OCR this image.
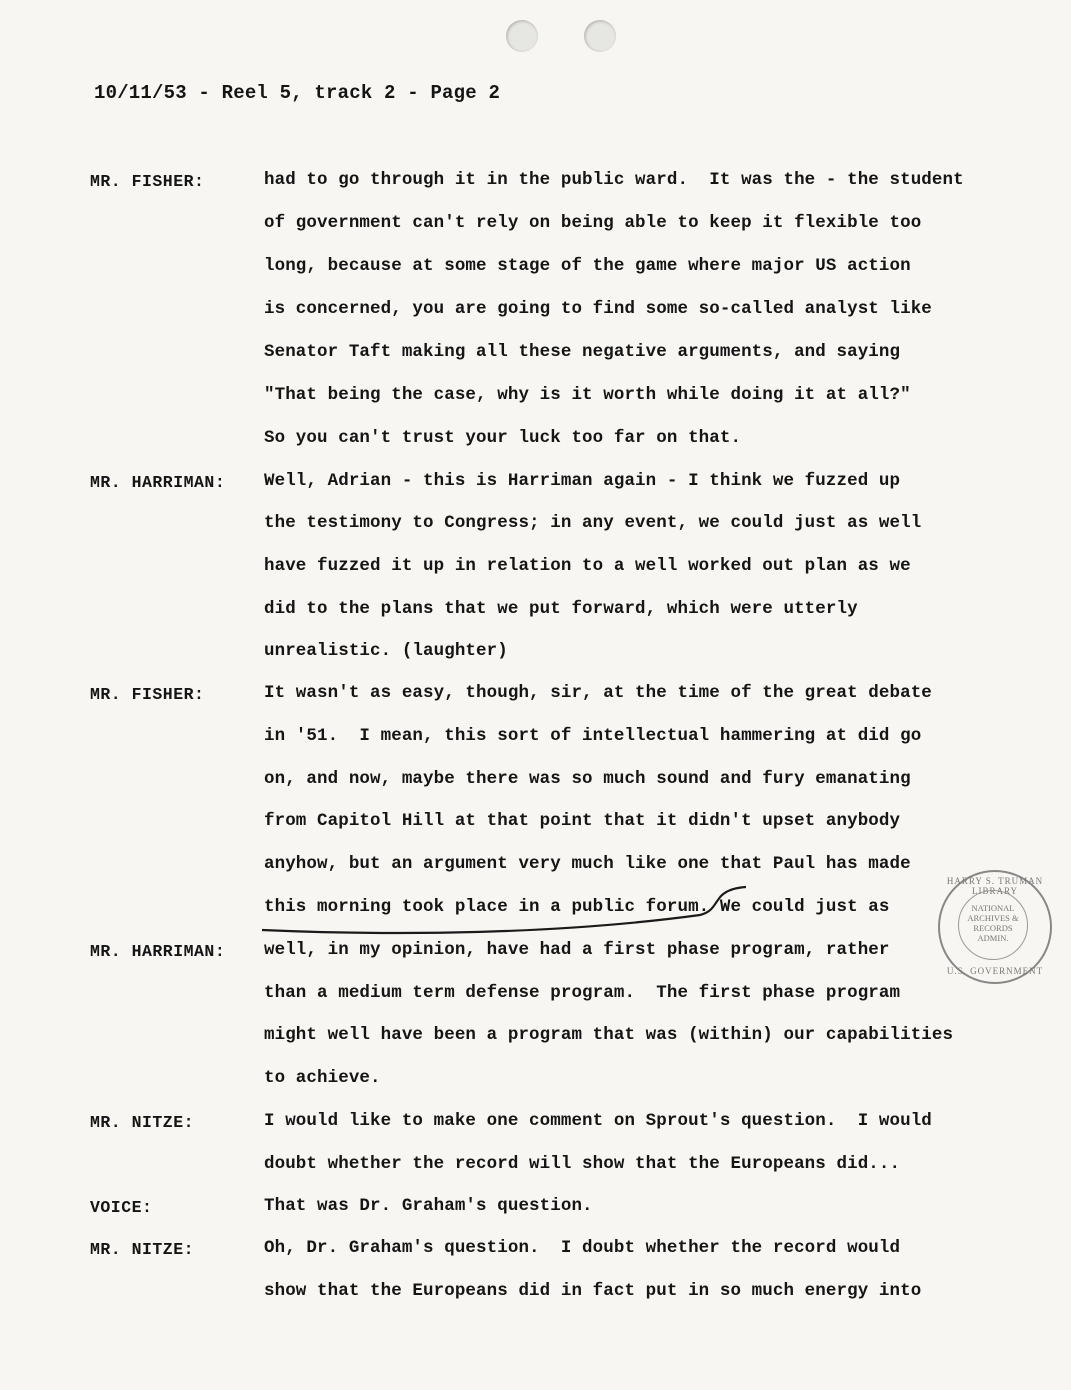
10/11/53 - Reel 5, track 2 - Page 2
MR. FISHER:	had to go through it in the public ward.  It was the - the student
of government can't rely on being able to keep it flexible too
long, because at some stage of the game where major US action
is concerned, you are going to find some so-called analyst like
Senator Taft making all these negative arguments, and saying
"That being the case, why is it worth while doing it at all?"
So you can't trust your luck too far on that.
MR. HARRIMAN: Well, Adrian - this is Harriman again - I think we fuzzed up
the testimony to Congress; in any event, we could just as well
have fuzzed it up in relation to a well worked out plan as we
did to the plans that we put forward, which were utterly
unrealistic. (laughter)
MR. FISHER:	It wasn't as easy, though, sir, at the time of the great debate
in '51.  I mean, this sort of intellectual hammering at did go
on, and now, maybe there was so much sound and fury emanating
from Capitol Hill at that point that it didn't upset anybody
anyhow, but an argument very much like one that Paul has made
this morning took place in a public forum. We could just as
MR. HARRIMAN: well, in my opinion, have had a first phase program, rather
than a medium term defense program.  The first phase program
might well have been a program that was (within) our capabilities
to achieve.
MR. NITZE:	I would like to make one comment on Sprout's question.  I would
doubt whether the record will show that the Europeans did...
VOICE:	That was Dr. Graham's question.
MR. NITZE:	Oh, Dr. Graham's question.  I doubt whether the record would
show that the Europeans did in fact put in so much energy into
HARRY S. TRUMAN LIBRARY
NATIONAL
ARCHIVES &
RECORDS
ADMIN.
U.S. GOVERNMENT
